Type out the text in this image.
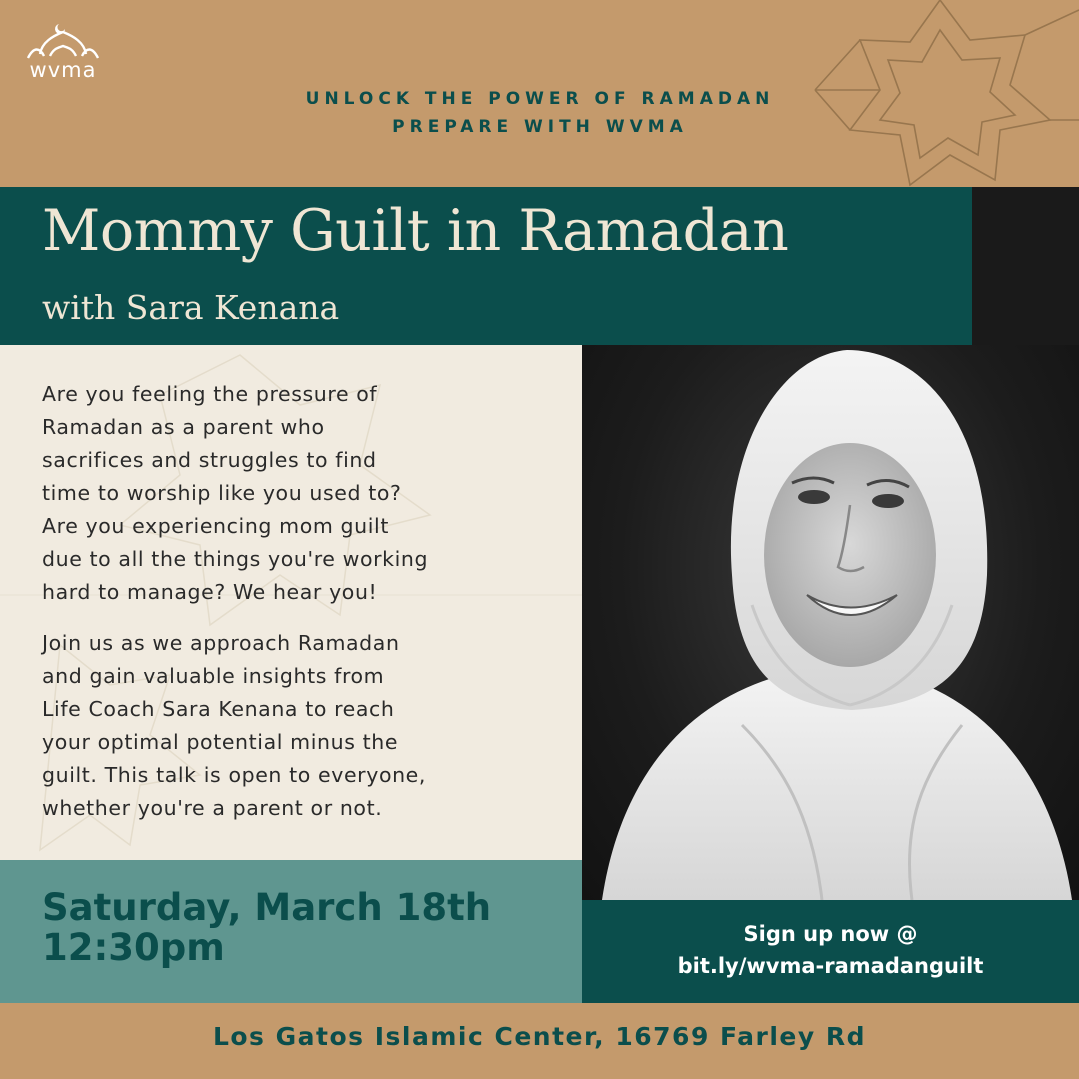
wvma
UNLOCK THE POWER OF RAMADAN
PREPARE WITH WVMA
Mommy Guilt in Ramadan
with Sara Kenana
Are you feeling the pressure of
Ramadan as a parent who
sacrifices and struggles to find
time to worship like you used to?
Are you experiencing mom guilt
due to all the things you're working
hard to manage? We hear you!
Join us as we approach Ramadan
and gain valuable insights from
Life Coach Sara Kenana to reach
your optimal potential minus the
guilt. This talk is open to everyone,
whether you're a parent or not.
Saturday, March 18th
12:30pm	Sign up now @
bit.ly/wvma-ramadanguilt
Los Gatos Islamic Center, 16769 Farley Rd
